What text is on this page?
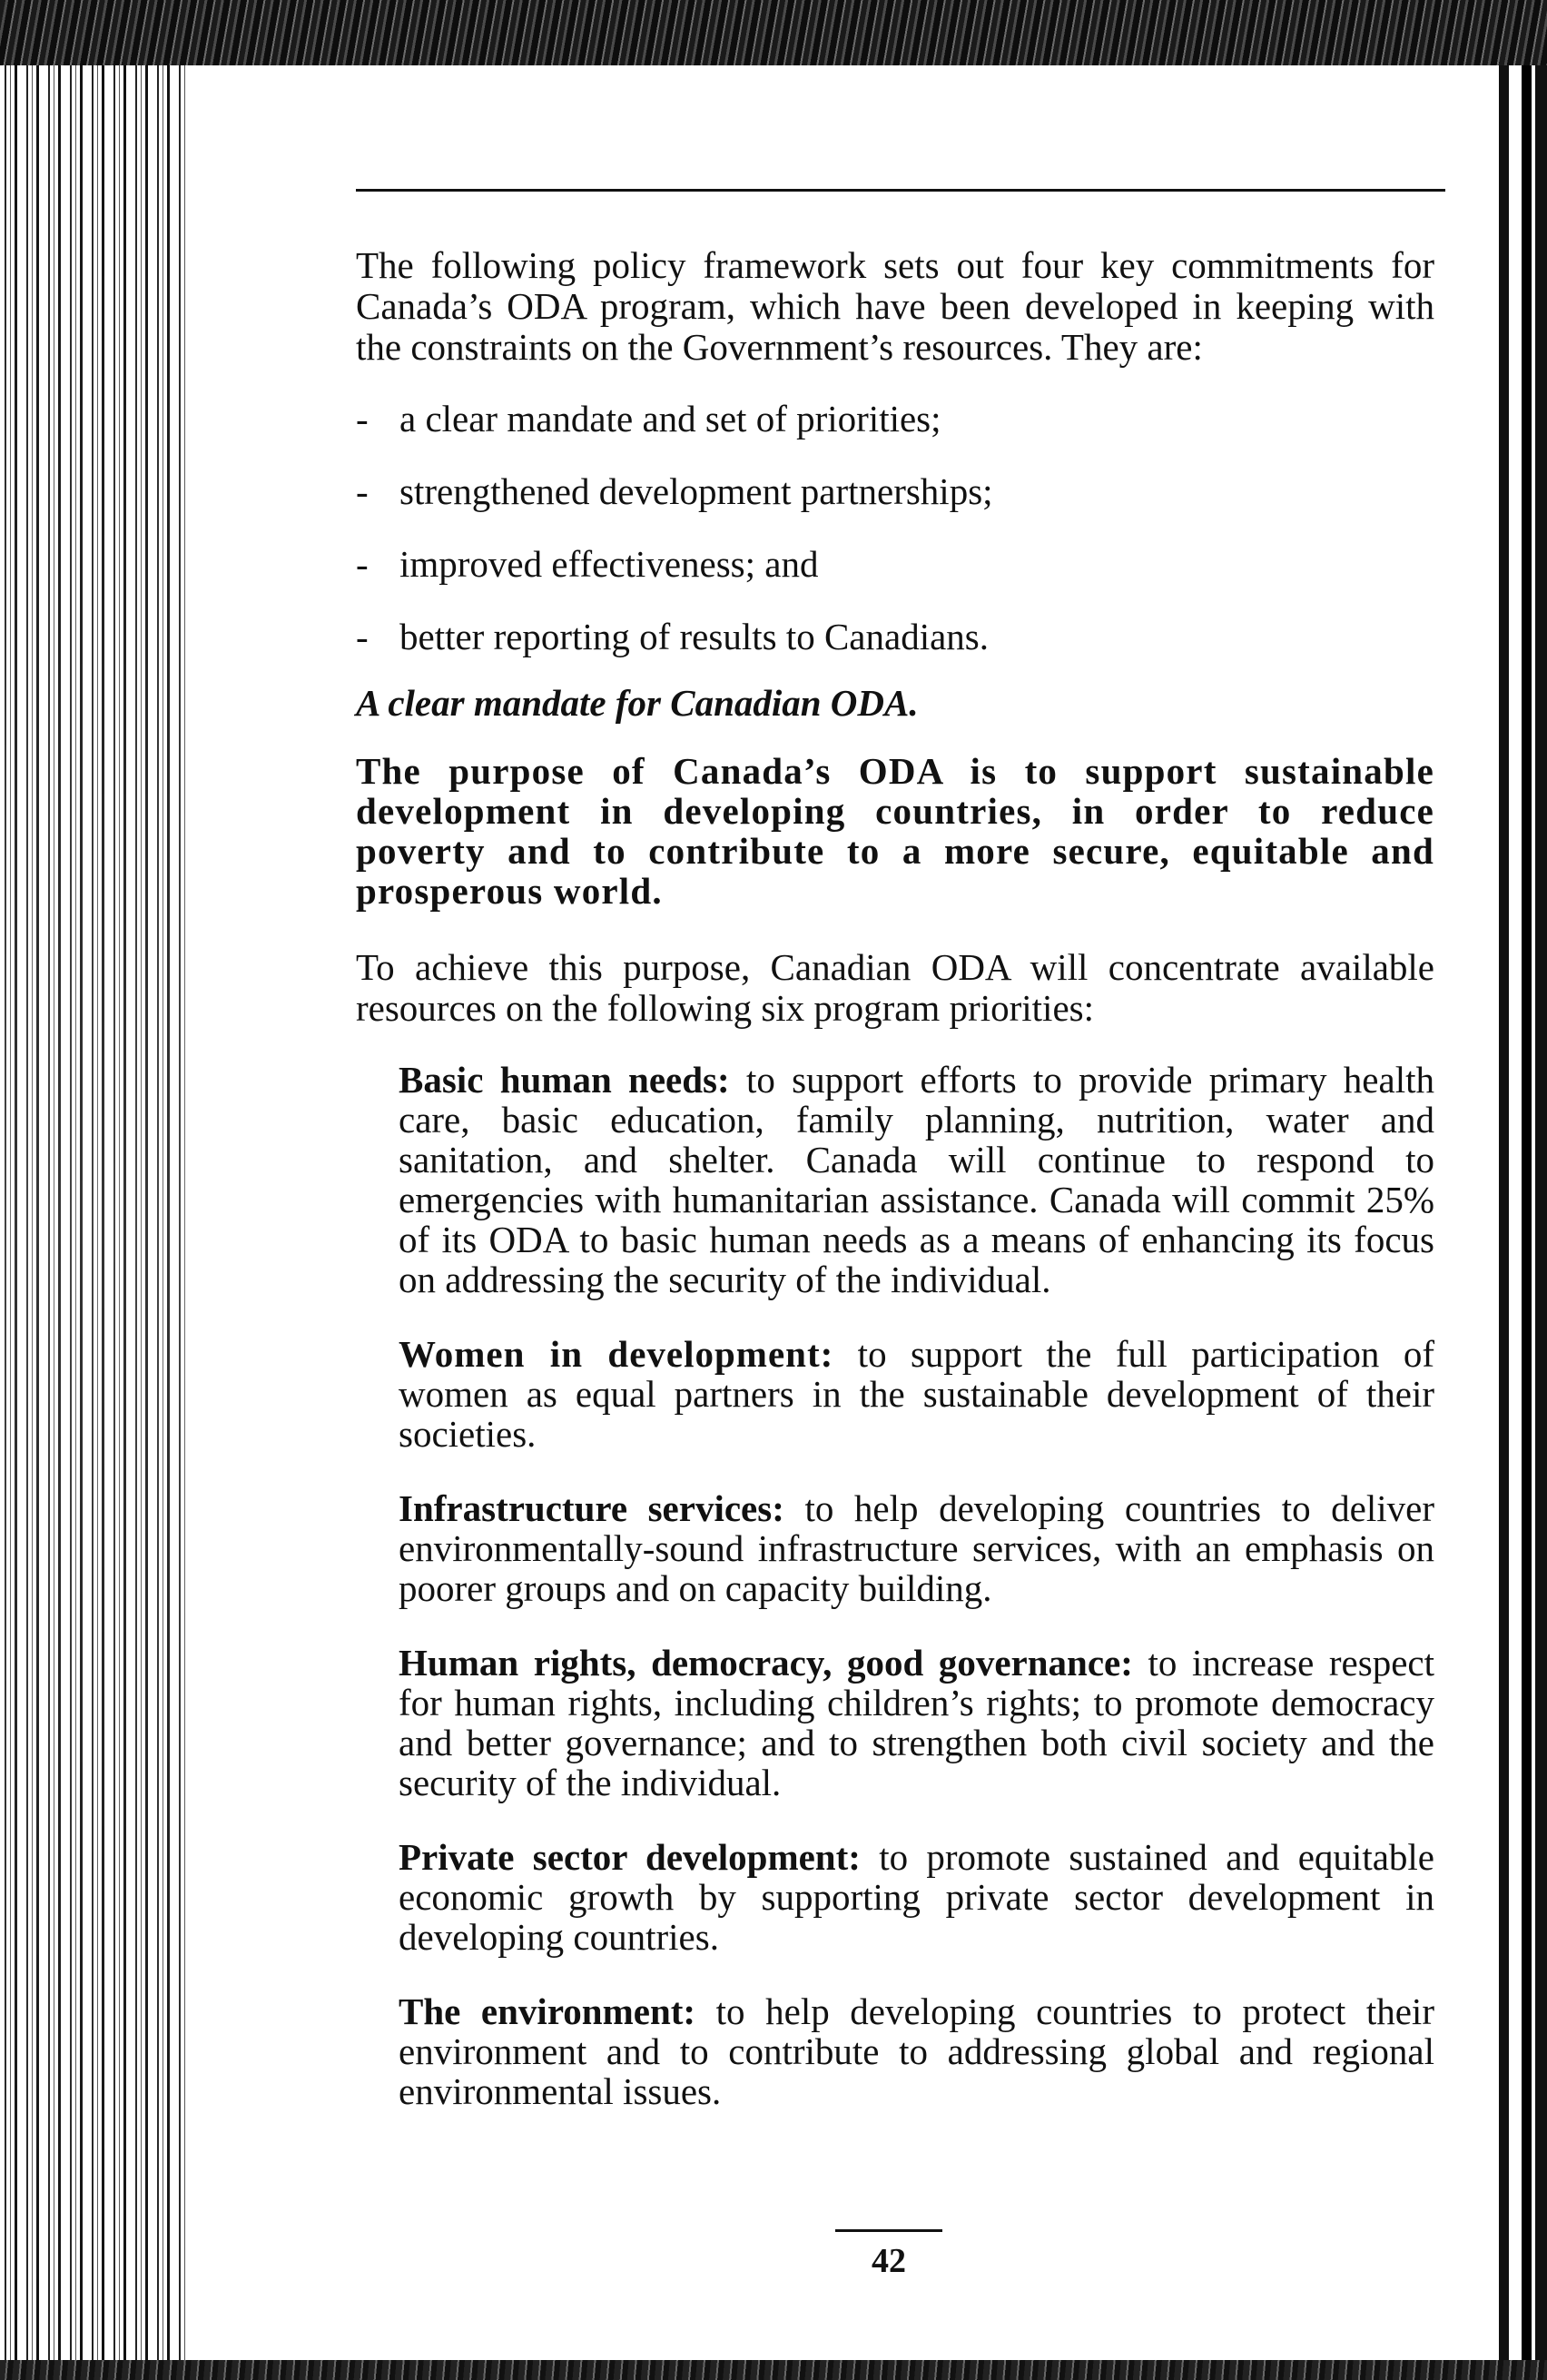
The following policy framework sets out four key commitments for Canada’s ODA program, which have been developed in keeping with the constraints on the Government’s resources. They are:

- a clear mandate and set of priorities;
- strengthened development partnerships;
- improved effectiveness; and
- better reporting of results to Canadians.

A clear mandate for Canadian ODA.

The purpose of Canada’s ODA is to support sustainable development in developing countries, in order to reduce poverty and to contribute to a more secure, equitable and prosperous world.

To achieve this purpose, Canadian ODA will concentrate available resources on the following six program priorities:

Basic human needs: to support efforts to provide primary health care, basic education, family planning, nutrition, water and sanitation, and shelter. Canada will continue to respond to emergencies with humanitarian assistance. Canada will commit 25% of its ODA to basic human needs as a means of enhancing its focus on addressing the security of the individual.

Women in development: to support the full participation of women as equal partners in the sustainable development of their societies.

Infrastructure services: to help developing countries to deliver environmentally-sound infrastructure services, with an emphasis on poorer groups and on capacity building.

Human rights, democracy, good governance: to increase respect for human rights, including children’s rights; to promote democracy and better governance; and to strengthen both civil society and the security of the individual.

Private sector development: to promote sustained and equitable economic growth by supporting private sector development in developing countries.

The environment: to help developing countries to protect their environment and to contribute to addressing global and regional environmental issues.

42
